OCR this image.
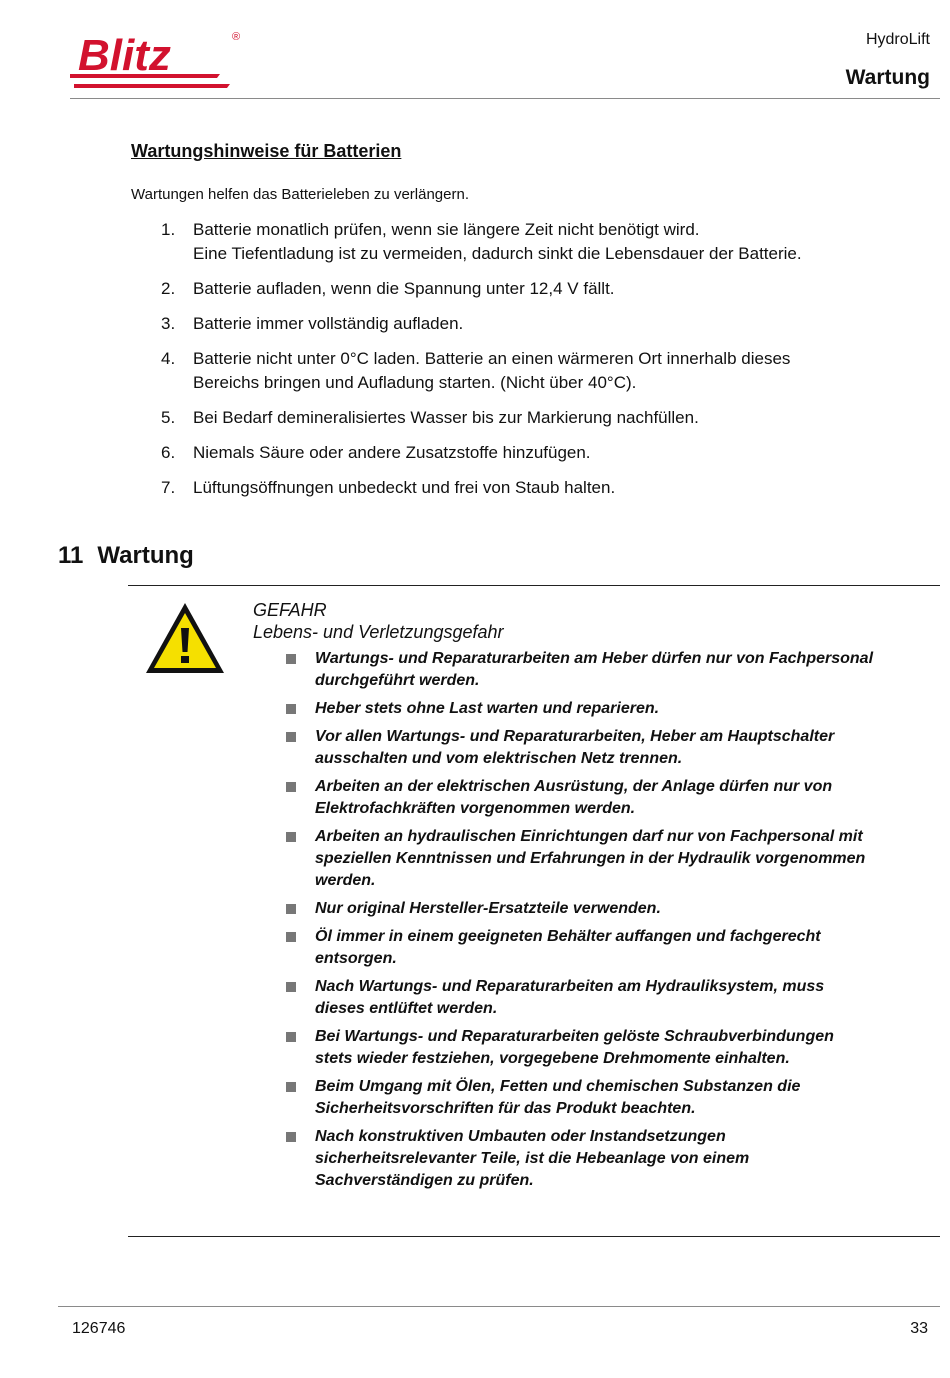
Blitz	®	HydroLift
Wartung
Wartungshinweise für Batterien

Wartungen helfen das Batterieleben zu verlängern.

1. Batterie monatlich prüfen, wenn sie längere Zeit nicht benötigt wird.
Eine Tiefentladung ist zu vermeiden, dadurch sinkt die Lebensdauer der Batterie.
2. Batterie aufladen, wenn die Spannung unter 12,4 V fällt.
3. Batterie immer vollständig aufladen.
4. Batterie nicht unter 0°C laden. Batterie an einen wärmeren Ort innerhalb dieses
Bereichs bringen und Aufladung starten. (Nicht über 40°C).
5. Bei Bedarf demineralisiertes Wasser bis zur Markierung nachfüllen.
6. Niemals Säure oder andere Zusatzstoffe hinzufügen.
7. Lüftungsöffnungen unbedeckt und frei von Staub halten.
11 Wartung
GEFAHR
Lebens- und Verletzungsgefahr
Wartungs- und Reparaturarbeiten am Heber dürfen nur von Fachpersonal
durchgeführt werden.
Heber stets ohne Last warten und reparieren.
Vor allen Wartungs- und Reparaturarbeiten, Heber am Hauptschalter
ausschalten und vom elektrischen Netz trennen.
Arbeiten an der elektrischen Ausrüstung, der Anlage dürfen nur von
Elektrofachkräften vorgenommen werden.
Arbeiten an hydraulischen Einrichtungen darf nur von Fachpersonal mit
speziellen Kenntnissen und Erfahrungen in der Hydraulik vorgenommen
werden.
Nur original Hersteller-Ersatzteile verwenden.
Öl immer in einem geeigneten Behälter auffangen und fachgerecht
entsorgen.
Nach Wartungs- und Reparaturarbeiten am Hydrauliksystem, muss
dieses entlüftet werden.
Bei Wartungs- und Reparaturarbeiten gelöste Schraubverbindungen
stets wieder festziehen, vorgegebene Drehmomente einhalten.
Beim Umgang mit Ölen, Fetten und chemischen Substanzen die
Sicherheitsvorschriften für das Produkt beachten.
Nach konstruktiven Umbauten oder Instandsetzungen
sicherheitsrelevanter Teile, ist die Hebeanlage von einem
Sachverständigen zu prüfen.
126746	33
